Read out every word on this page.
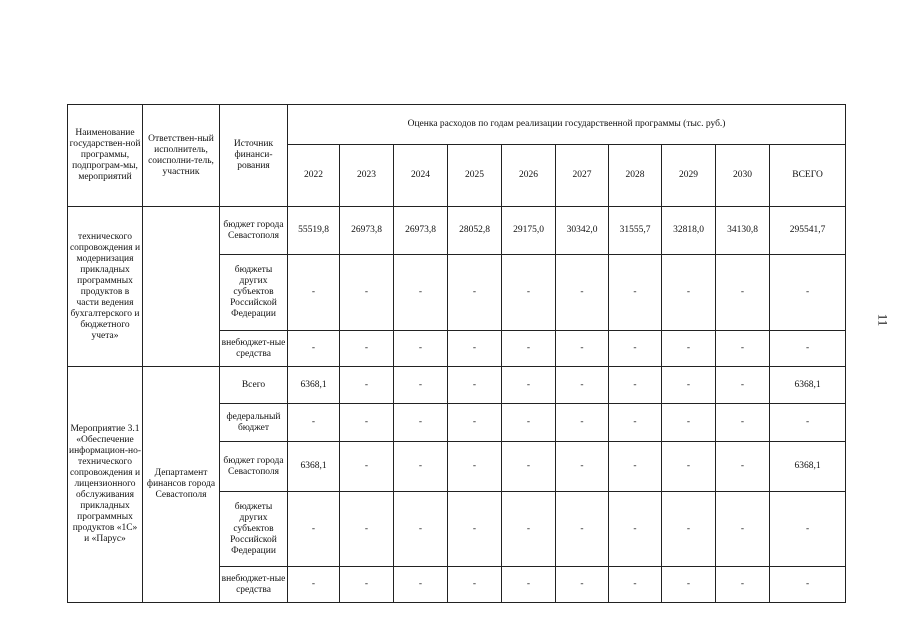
Наименование государствен-ной программы, подпрограм-мы, мероприятий	Ответствен-ный исполнитель, соисполни-тель, участник	Источник финанси-рования	Оценка расходов по годам реализации государственной программы (тыс. руб.)									
			2022	2023	2024	2025	2026	2027	2028	2029	2030	ВСЕГО
технического сопровождения и модернизация прикладных программных продуктов в части ведения бухгалтерского и бюджетного учета»		бюджет города Севастополя	55519,8	26973,8	26973,8	28052,8	29175,0	30342,0	31555,7	32818,0	34130,8	295541,7
		бюджеты других субъектов Российской Федерации	-	-	-	-	-	-	-	-	-	-
		внебюджет-ные средства	-	-	-	-	-	-	-	-	-	-
Мероприятие 3.1 «Обеспечение информацион-но-технического сопровождения и лицензионного обслуживания прикладных программных продуктов «1С» и «Парус»	Департамент финансов города Севастополя	Всего	6368,1	-	-	-	-	-	-	-	-	6368,1
		федеральный бюджет	-	-	-	-	-	-	-	-	-	-
		бюджет города Севастополя	6368,1	-	-	-	-	-	-	-	-	6368,1
		бюджеты других субъектов Российской Федерации	-	-	-	-	-	-	-	-	-	-
		внебюджет-ные средства	-	-	-	-	-	-	-	-	-	-
11
